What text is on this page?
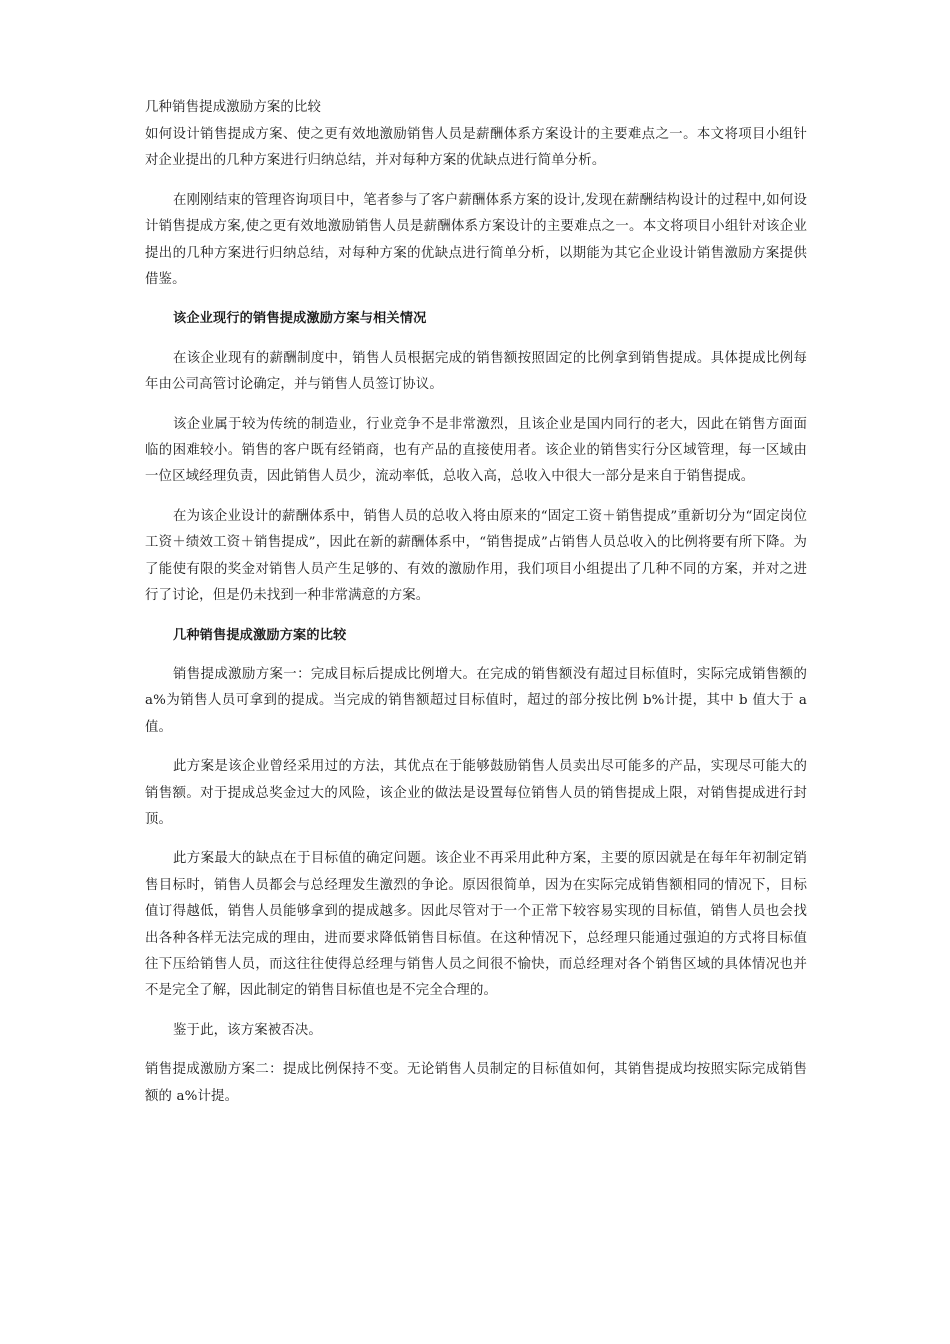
几种销售提成激励方案的比较

如何设计销售提成方案、使之更有效地激励销售人员是薪酬体系方案设计的主要难点之一。本文将项目小组针对企业提出的几种方案进行归纳总结，并对每种方案的优缺点进行简单分析。

在刚刚结束的管理咨询项目中，笔者参与了客户薪酬体系方案的设计,发现在薪酬结构设计的过程中,如何设计销售提成方案,使之更有效地激励销售人员是薪酬体系方案设计的主要难点之一。本文将项目小组针对该企业提出的几种方案进行归纳总结，对每种方案的优缺点进行简单分析，以期能为其它企业设计销售激励方案提供借鉴。

该企业现行的销售提成激励方案与相关情况

在该企业现有的薪酬制度中，销售人员根据完成的销售额按照固定的比例拿到销售提成。具体提成比例每年由公司高管讨论确定，并与销售人员签订协议。

该企业属于较为传统的制造业，行业竞争不是非常激烈，且该企业是国内同行的老大，因此在销售方面面临的困难较小。销售的客户既有经销商，也有产品的直接使用者。该企业的销售实行分区域管理，每一区域由一位区域经理负责，因此销售人员少，流动率低，总收入高，总收入中很大一部分是来自于销售提成。

在为该企业设计的薪酬体系中，销售人员的总收入将由原来的“固定工资＋销售提成”重新切分为“固定岗位工资＋绩效工资＋销售提成”，因此在新的薪酬体系中，“销售提成”占销售人员总收入的比例将要有所下降。为了能使有限的奖金对销售人员产生足够的、有效的激励作用，我们项目小组提出了几种不同的方案，并对之进行了讨论，但是仍未找到一种非常满意的方案。

几种销售提成激励方案的比较

销售提成激励方案一：完成目标后提成比例增大。在完成的销售额没有超过目标值时，实际完成销售额的 a%为销售人员可拿到的提成。当完成的销售额超过目标值时，超过的部分按比例 b%计提，其中 b 值大于 a 值。

此方案是该企业曾经采用过的方法，其优点在于能够鼓励销售人员卖出尽可能多的产品，实现尽可能大的销售额。对于提成总奖金过大的风险，该企业的做法是设置每位销售人员的销售提成上限，对销售提成进行封顶。

此方案最大的缺点在于目标值的确定问题。该企业不再采用此种方案，主要的原因就是在每年年初制定销售目标时，销售人员都会与总经理发生激烈的争论。原因很简单，因为在实际完成销售额相同的情况下，目标值订得越低，销售人员能够拿到的提成越多。因此尽管对于一个正常下较容易实现的目标值，销售人员也会找出各种各样无法完成的理由，进而要求降低销售目标值。在这种情况下，总经理只能通过强迫的方式将目标值往下压给销售人员，而这往往使得总经理与销售人员之间很不愉快，而总经理对各个销售区域的具体情况也并不是完全了解，因此制定的销售目标值也是不完全合理的。

鉴于此，该方案被否决。

销售提成激励方案二：提成比例保持不变。无论销售人员制定的目标值如何，其销售提成均按照实际完成销售额的 a%计提。
